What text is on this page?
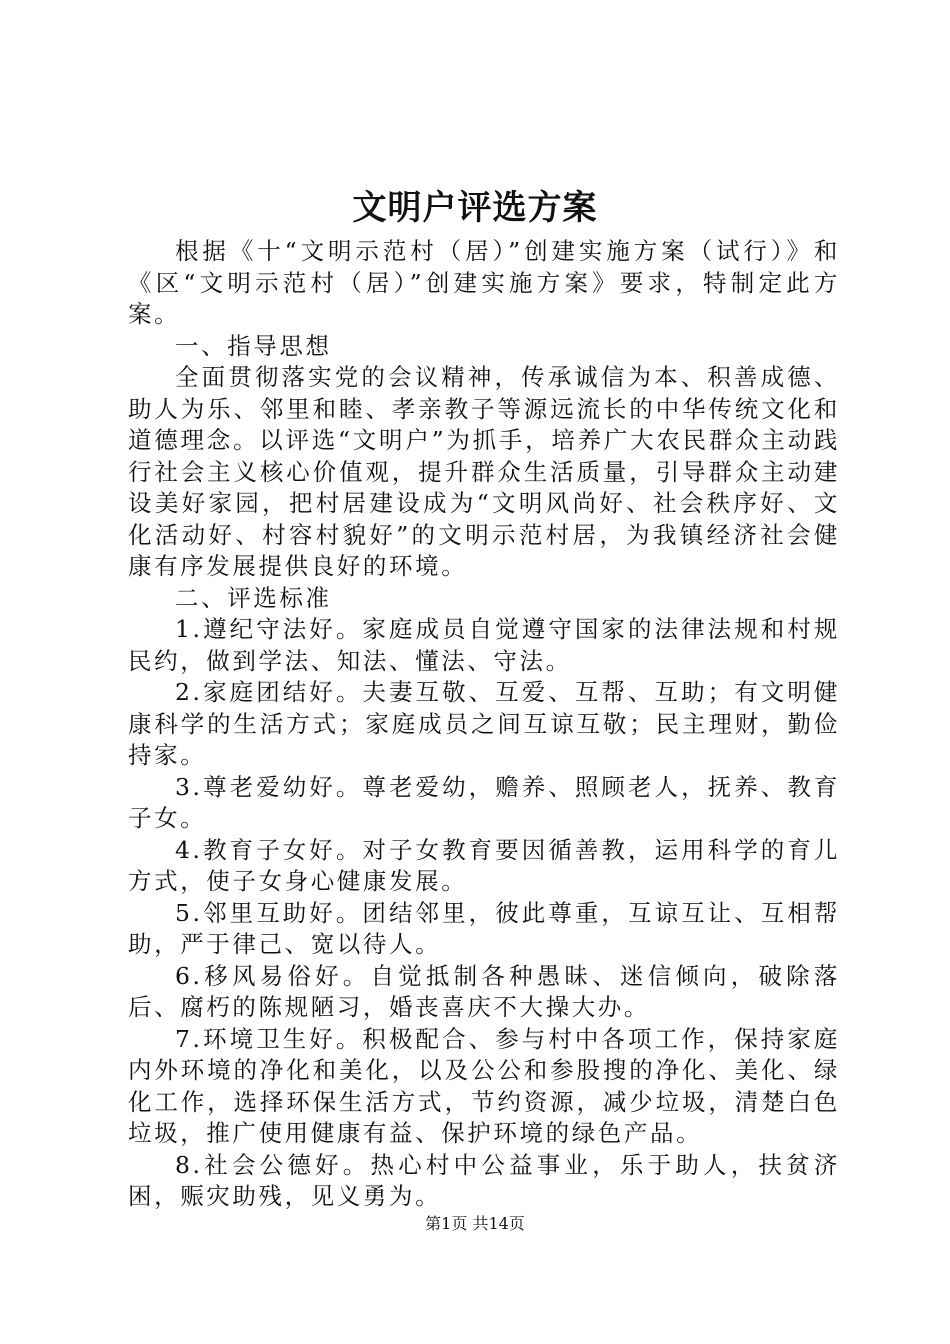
文明户评选方案

根据《十“文明示范村（居）”创建实施方案（试行）》和《区“文明示范村（居）”创建实施方案》要求，特制定此方案。

一、指导思想

全面贯彻落实党的会议精神，传承诚信为本、积善成德、助人为乐、邻里和睦、孝亲教子等源远流长的中华传统文化和道德理念。以评选“文明户”为抓手，培养广大农民群众主动践行社会主义核心价值观，提升群众生活质量，引导群众主动建设美好家园，把村居建设成为“文明风尚好、社会秩序好、文化活动好、村容村貌好”的文明示范村居，为我镇经济社会健康有序发展提供良好的环境。

二、评选标准

1.遵纪守法好。家庭成员自觉遵守国家的法律法规和村规民约，做到学法、知法、懂法、守法。

2.家庭团结好。夫妻互敬、互爱、互帮、互助；有文明健康科学的生活方式；家庭成员之间互谅互敬；民主理财，勤俭持家。

3.尊老爱幼好。尊老爱幼，赡养、照顾老人，抚养、教育子女。

4.教育子女好。对子女教育要因循善教，运用科学的育儿方式，使子女身心健康发展。

5.邻里互助好。团结邻里，彼此尊重，互谅互让、互相帮助，严于律己、宽以待人。

6.移风易俗好。自觉抵制各种愚昧、迷信倾向，破除落后、腐朽的陈规陋习，婚丧喜庆不大操大办。

7.环境卫生好。积极配合、参与村中各项工作，保持家庭内外环境的净化和美化，以及公公和参股搜的净化、美化、绿化工作，选择环保生活方式，节约资源，减少垃圾，清楚白色垃圾，推广使用健康有益、保护环境的绿色产品。

8.社会公德好。热心村中公益事业，乐于助人，扶贫济困，赈灾助残，见义勇为。

第1页 共14页
